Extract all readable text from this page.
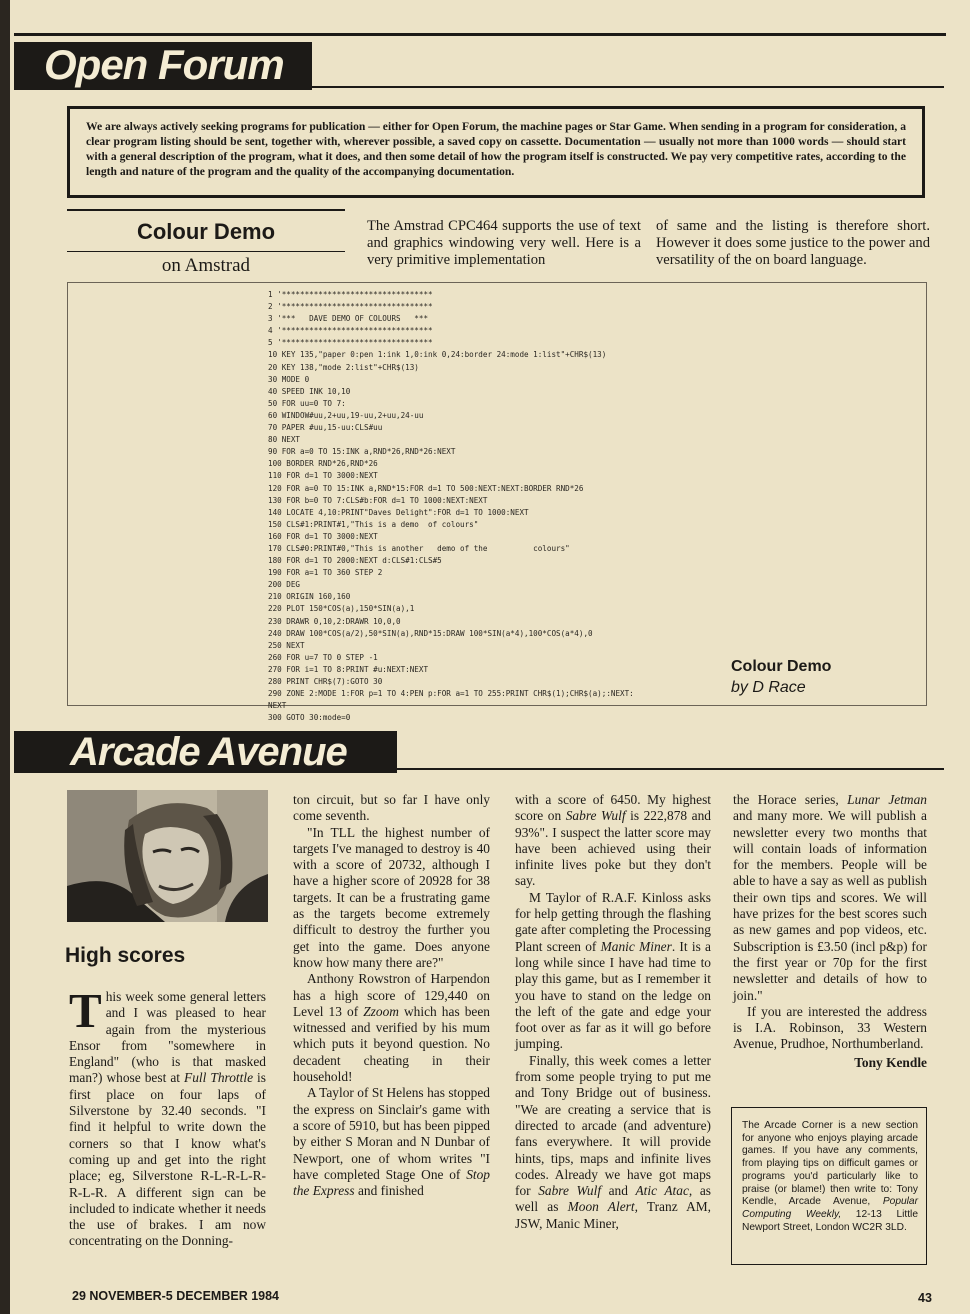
Open Forum
We are always actively seeking programs for publication — either for Open Forum, the machine pages or Star Game. When sending in a program for consideration, a clear program listing should be sent, together with, wherever possible, a saved copy on cassette. Documentation — usually not more than 1000 words — should start with a general description of the program, what it does, and then some detail of how the program itself is constructed. We pay very competitive rates, according to the length and nature of the program and the quality of the accompanying documentation.
Colour Demo
on Amstrad
The Amstrad CPC464 supports the use of text and graphics windowing very well. Here is a very primitive implementation
of same and the listing is therefore short. However it does some justice to the power and versatility of the on board language.
1 '*********************************
2 '*********************************
3 '***   DAVE DEMO OF COLOURS   ***
4 '*********************************
5 '*********************************
10 KEY 135,"paper 0:pen 1:ink 1,0:ink 0,24:border 24:mode 1:list"+CHR$(13)
20 KEY 138,"mode 2:list"+CHR$(13)
30 MODE 0
40 SPEED INK 10,10
50 FOR uu=0 TO 7:
60 WINDOW#uu,2+uu,19-uu,2+uu,24-uu
70 PAPER #uu,15-uu:CLS#uu
80 NEXT
90 FOR a=0 TO 15:INK a,RND*26,RND*26:NEXT
100 BORDER RND*26,RND*26
110 FOR d=1 TO 3000:NEXT
120 FOR a=0 TO 15:INK a,RND*15:FOR d=1 TO 500:NEXT:NEXT:BORDER RND*26
130 FOR b=0 TO 7:CLS#b:FOR d=1 TO 1000:NEXT:NEXT
140 LOCATE 4,10:PRINT"Daves Delight":FOR d=1 TO 1000:NEXT
150 CLS#1:PRINT#1,"This is a demo  of colours"
160 FOR d=1 TO 3000:NEXT
170 CLS#0:PRINT#0,"This is another   demo of the          colours"
180 FOR d=1 TO 2000:NEXT d:CLS#1:CLS#5
190 FOR a=1 TO 360 STEP 2
200 DEG
210 ORIGIN 160,160
220 PLOT 150*COS(a),150*SIN(a),1
230 DRAWR 0,10,2:DRAWR 10,0,0
240 DRAW 100*COS(a/2),50*SIN(a),RND*15:DRAW 100*SIN(a*4),100*COS(a*4),0
250 NEXT
260 FOR u=7 TO 0 STEP -1
270 FOR i=1 TO 8:PRINT #u:NEXT:NEXT
280 PRINT CHR$(7):GOTO 30
290 ZONE 2:MODE 1:FOR p=1 TO 4:PEN p:FOR a=1 TO 255:PRINT CHR$(1);CHR$(a);:NEXT:
NEXT
300 GOTO 30:mode=0
Colour Demo
by D Race
Arcade Avenue
High scores

This week some general letters and I was pleased to hear again from the mysterious Ensor from "somewhere in England" (who is that masked man?) whose best at Full Throttle is first place on four laps of Silverstone by 32.40 seconds. "I find it helpful to write down the corners so that I know what's coming up and get into the right place; eg, Silverstone R-L-R-L-R-R-L-R. A different sign can be included to indicate whether it needs the use of brakes. I am now concentrating on the Donning-

ton circuit, but so far I have only come seventh.

"In TLL the highest number of targets I've managed to destroy is 40 with a score of 20732, although I have a higher score of 20928 for 38 targets. It can be a frustrating game as the targets become extremely difficult to destroy the further you get into the game. Does anyone know how many there are?"

Anthony Rowstron of Harpendon has a high score of 129,440 on Level 13 of Zzoom which has been witnessed and verified by his mum which puts it beyond question. No decadent cheating in their household!

A Taylor of St Helens has stopped the express on Sinclair's game with a score of 5910, but has been pipped by either S Moran and N Dunbar of Newport, one of whom writes "I have completed Stage One of Stop the Express and finished

with a score of 6450. My highest score on Sabre Wulf is 222,878 and 93%". I suspect the latter score may have been achieved using their infinite lives poke but they don't say.

M Taylor of R.A.F. Kinloss asks for help getting through the flashing gate after completing the Processing Plant screen of Manic Miner. It is a long while since I have had time to play this game, but as I remember it you have to stand on the ledge on the left of the gate and edge your foot over as far as it will go before jumping.

Finally, this week comes a letter from some people trying to put me and Tony Bridge out of business. "We are creating a service that is directed to arcade (and adventure) fans everywhere. It will provide hints, tips, maps and infinite lives codes. Already we have got maps for Sabre Wulf and Atic Atac, as well as Moon Alert, Tranz AM, JSW, Manic Miner,

the Horace series, Lunar Jetman and many more. We will publish a newsletter every two months that will contain loads of information for the members. People will be able to have a say as well as publish their own tips and scores. We will have prizes for the best scores such as new games and pop videos, etc. Subscription is £3.50 (incl p&p) for the first year or 70p for the first newsletter and details of how to join."

If you are interested the address is I.A. Robinson, 33 Western Avenue, Prudhoe, Northumberland.

Tony Kendle
The Arcade Corner is a new section for anyone who enjoys playing arcade games. If you have any comments, from playing tips on difficult games or programs you'd particularly like to praise (or blame!) then write to: Tony Kendle, Arcade Avenue, Popular Computing Weekly, 12-13 Little Newport Street, London WC2R 3LD.
29 NOVEMBER-5 DECEMBER 1984	43
